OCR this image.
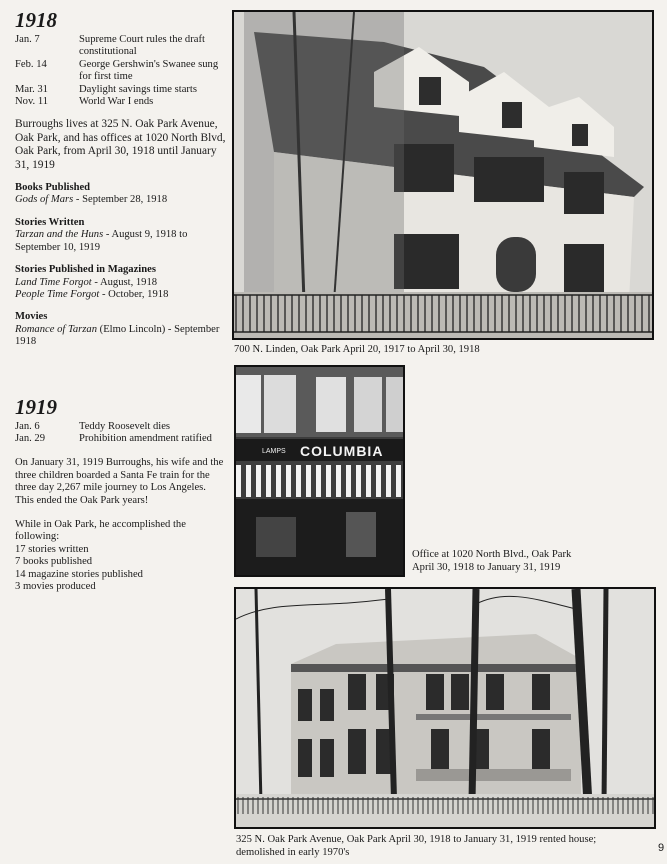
1918
Jan. 7	Supreme Court rules the draft constitutional
Feb. 14	George Gershwin's Swanee sung for first time
Mar. 31	Daylight savings time starts
Nov. 11	World War I ends
Burroughs lives at 325 N. Oak Park Avenue, Oak Park, and has offices at 1020 North Blvd, Oak Park, from April 30, 1918 until January 31, 1919
Books Published
Gods of Mars - September 28, 1918
Stories Written
Tarzan and the Huns - August 9, 1918 to September 10, 1919
Stories Published in Magazines
Land Time Forgot - August, 1918
People Time Forgot - October, 1918
Movies
Romance of Tarzan (Elmo Lincoln) - September 1918
1919
Jan. 6	Teddy Roosevelt dies
Jan. 29	Prohibition amendment ratified
On January 31, 1919 Burroughs, his wife and the three children boarded a Santa Fe train for the three day 2,267 mile journey to Los Angeles. This ended the Oak Park years!
While in Oak Park, he accomplished the following:
17 stories written
7 books published
14 magazine stories published
3 movies produced
700 N. Linden, Oak Park April 20, 1917 to April 30, 1918
LAMPS COLUMBIA
Office at 1020 North Blvd., Oak Park
April 30, 1918 to January 31, 1919
325 N. Oak Park Avenue, Oak Park April 30, 1918 to January 31, 1919 rented house;
demolished in early 1970's	9
